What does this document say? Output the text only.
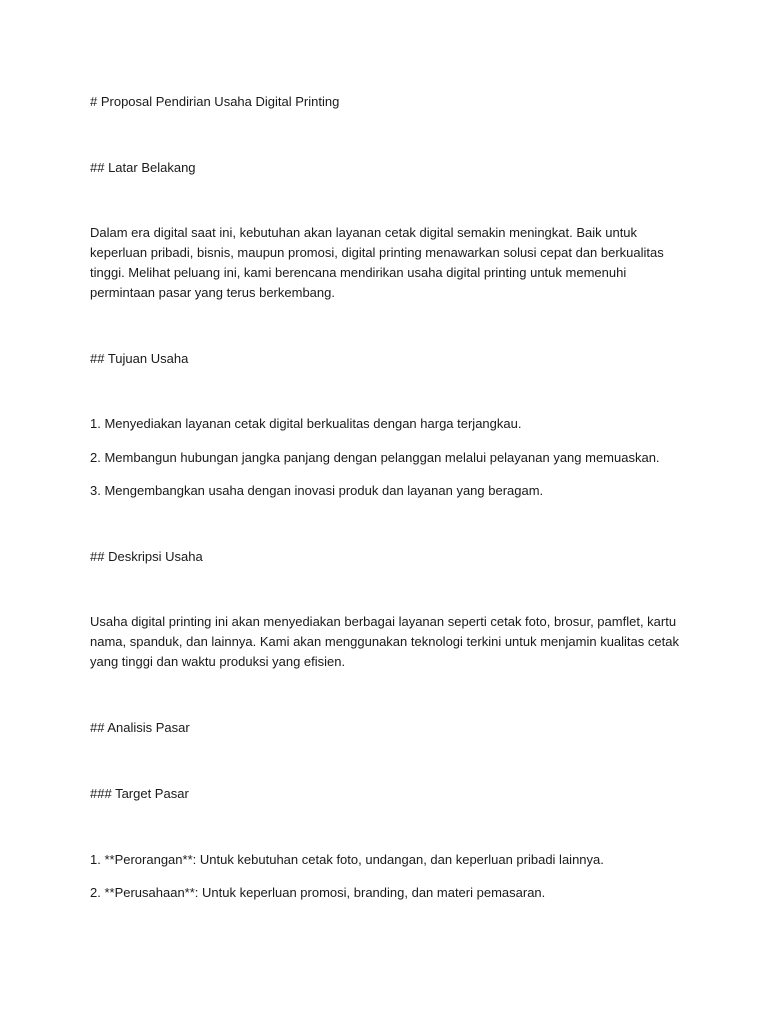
# Proposal Pendirian Usaha Digital Printing
## Latar Belakang
Dalam era digital saat ini, kebutuhan akan layanan cetak digital semakin meningkat. Baik untuk keperluan pribadi, bisnis, maupun promosi, digital printing menawarkan solusi cepat dan berkualitas tinggi. Melihat peluang ini, kami berencana mendirikan usaha digital printing untuk memenuhi permintaan pasar yang terus berkembang.
## Tujuan Usaha
1. Menyediakan layanan cetak digital berkualitas dengan harga terjangkau.
2. Membangun hubungan jangka panjang dengan pelanggan melalui pelayanan yang memuaskan.
3. Mengembangkan usaha dengan inovasi produk dan layanan yang beragam.
## Deskripsi Usaha
Usaha digital printing ini akan menyediakan berbagai layanan seperti cetak foto, brosur, pamflet, kartu nama, spanduk, dan lainnya. Kami akan menggunakan teknologi terkini untuk menjamin kualitas cetak yang tinggi dan waktu produksi yang efisien.
## Analisis Pasar
### Target Pasar
1. **Perorangan**: Untuk kebutuhan cetak foto, undangan, dan keperluan pribadi lainnya.
2. **Perusahaan**: Untuk keperluan promosi, branding, dan materi pemasaran.
